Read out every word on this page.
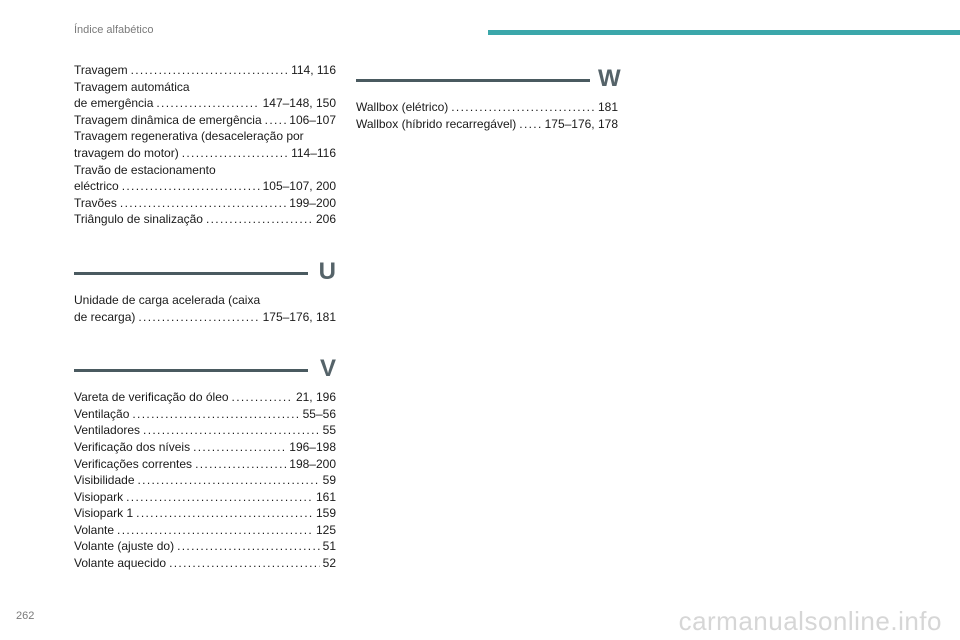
Índice alfabético
Travagem . . .	114, 116
Travagem automática
de emergência . . .	147–148, 150
Travagem dinâmica de emergência . . . 106–107
Travagem regenerativa (desaceleração por
travagem do motor) . . .	114–116
Travão de estacionamento
eléctrico . . .	105–107, 200
Travões . . .	199–200
Triângulo de sinalização . . .	206
U
Unidade de carga acelerada (caixa
de recarga) . . .	175–176, 181
V
Vareta de verificação do óleo . . .	21, 196
Ventilação . . .	55–56
Ventiladores . . .	55
Verificação dos níveis . . .	196–198
Verificações correntes . . .	198–200
Visibilidade . . .	59
Visiopark . . .	161
Visiopark 1 . . .	159
Volante . . .	125
Volante (ajuste do) . . .	51
Volante aquecido . . .	52
W
Wallbox (elétrico) . . .	181
Wallbox (híbrido recarregável) . . . 175–176, 178
262	carmanualsonline.info
